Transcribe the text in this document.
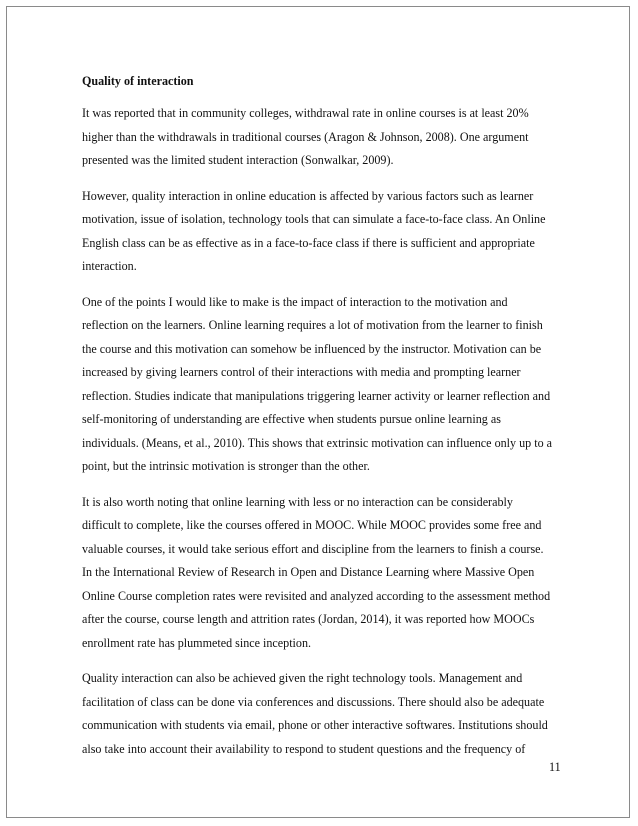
Quality of interaction
It was reported that in community colleges, withdrawal rate in online courses is at least 20%
higher than the withdrawals in traditional courses (Aragon & Johnson, 2008). One argument
presented was the limited student interaction (Sonwalkar, 2009).
However, quality interaction in online education is affected by various factors such as learner
motivation, issue of isolation, technology tools that can simulate a face-to-face class. An Online
English class can be as effective as in a face-to-face class if there is sufficient and appropriate
interaction.
One of the points I would like to make is the impact of interaction to the motivation and
reflection on the learners. Online learning requires a lot of motivation from the learner to finish
the course and this motivation can somehow be influenced by the instructor. Motivation can be
increased by giving learners control of their interactions with media and prompting learner
reflection. Studies indicate that manipulations triggering learner activity or learner reflection and
self-monitoring of understanding are effective when students pursue online learning as
individuals. (Means, et al., 2010). This shows that extrinsic motivation can influence only up to a
point, but the intrinsic motivation is stronger than the other.
It is also worth noting that online learning with less or no interaction can be considerably
difficult to complete, like the courses offered in MOOC. While MOOC provides some free and
valuable courses, it would take serious effort and discipline from the learners to finish a course.
In the International Review of Research in Open and Distance Learning where Massive Open
Online Course completion rates were revisited and analyzed according to the assessment method
after the course, course length and attrition rates (Jordan, 2014), it was reported how MOOCs
enrollment rate has plummeted since inception.
Quality interaction can also be achieved given the right technology tools. Management and
facilitation of class can be done via conferences and discussions. There should also be adequate
communication with students via email, phone or other interactive softwares. Institutions should
also take into account their availability to respond to student questions and the frequency of
11
